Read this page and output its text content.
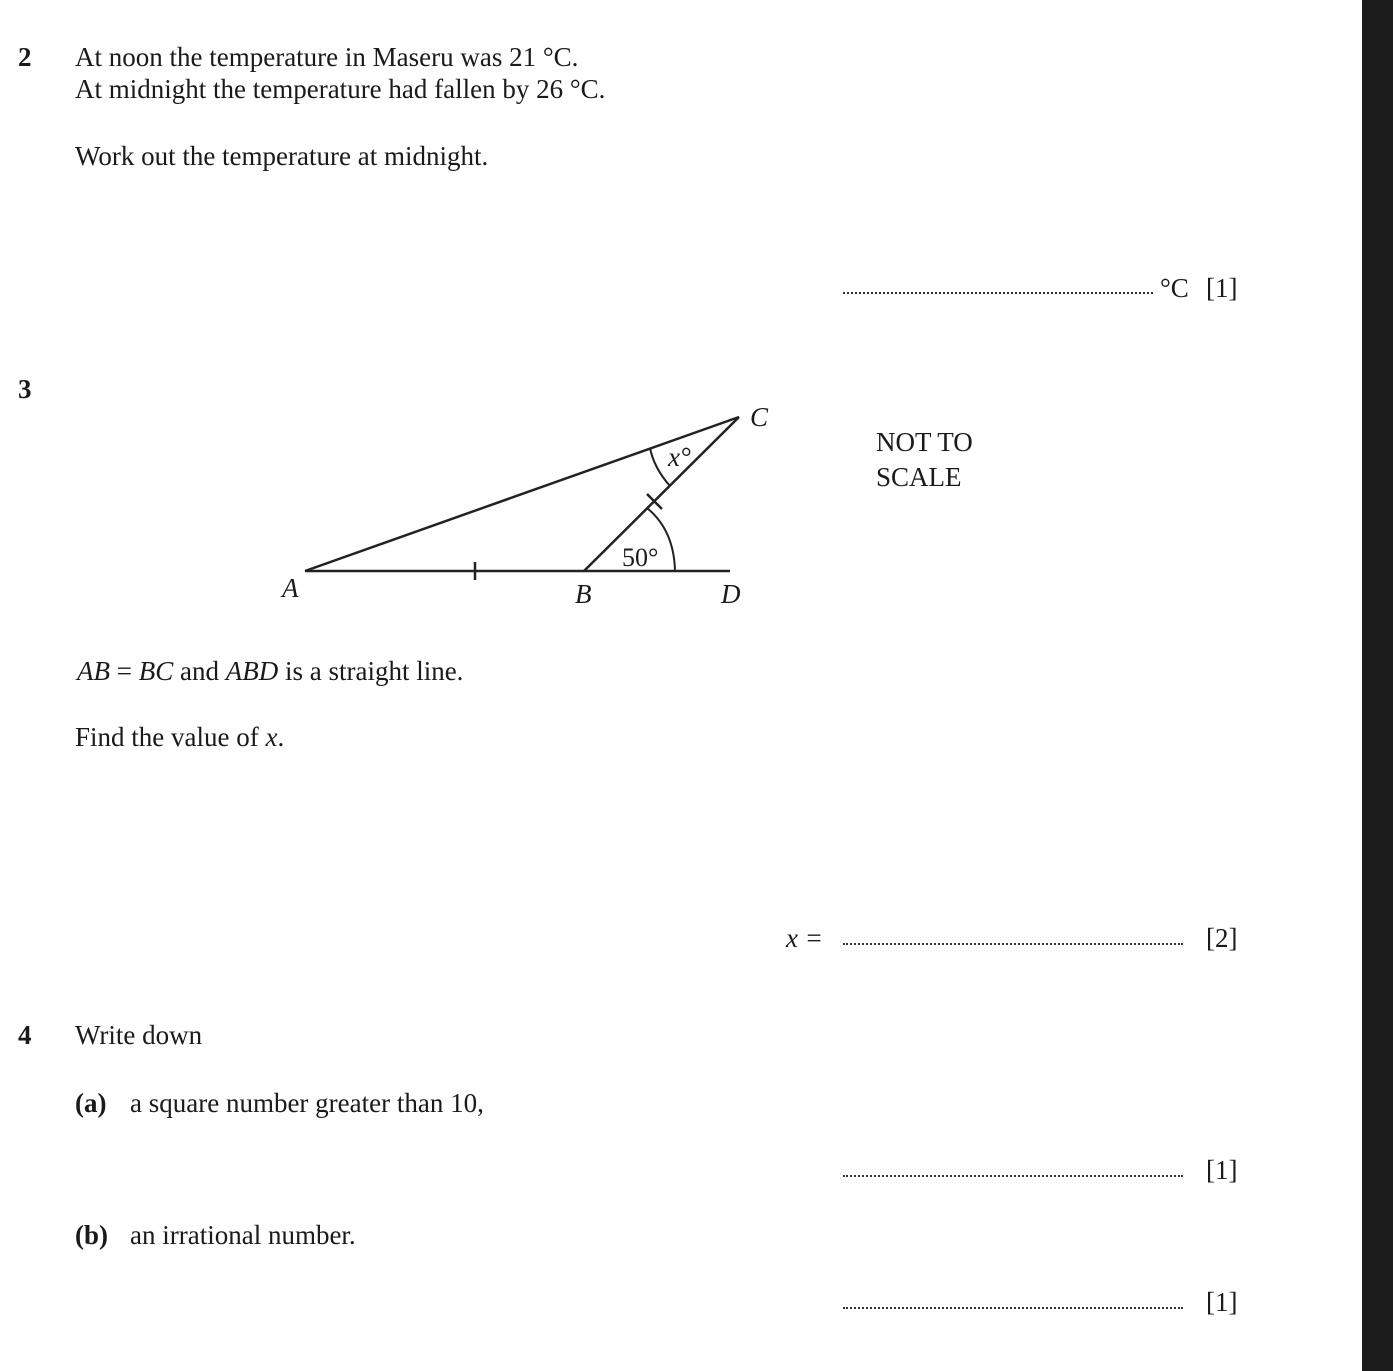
2 At noon the temperature in Maseru was 21 °C.
At midnight the temperature had fallen by 26 °C.
Work out the temperature at midnight.
°C [1]
3
C
A	B	D
x°
50°
NOT TO
SCALE
AB = BC and ABD is a straight line.
Find the value of x.
x =	[2]
4 Write down
(a) a square number greater than 10,
[1]
(b) an irrational number.
[1]
